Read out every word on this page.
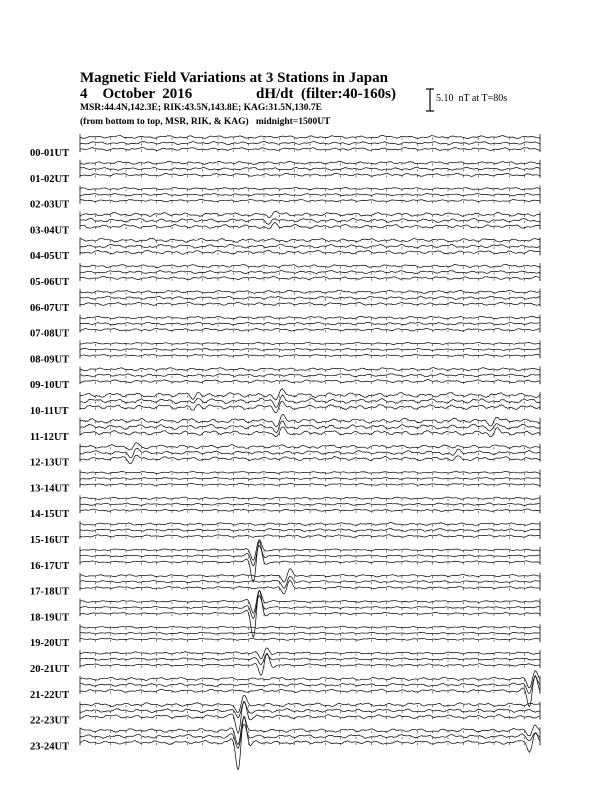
Magnetic Field Variations at 3 Stations in Japan
4    October  2016	dH/dt  (filter:40-160s)
MSR:44.4N,142.3E; RIK:43.5N,143.8E; KAG:31.5N,130.7E
(from bottom to top, MSR, RIK, & KAG)   midnight=1500UT
5.10  nT at T=80s
00-01UT
01-02UT
02-03UT
03-04UT
04-05UT
05-06UT
06-07UT
07-08UT
08-09UT
09-10UT
10-11UT
11-12UT
12-13UT
13-14UT
14-15UT
15-16UT
16-17UT
17-18UT
18-19UT
19-20UT
20-21UT
21-22UT
22-23UT
23-24UT
